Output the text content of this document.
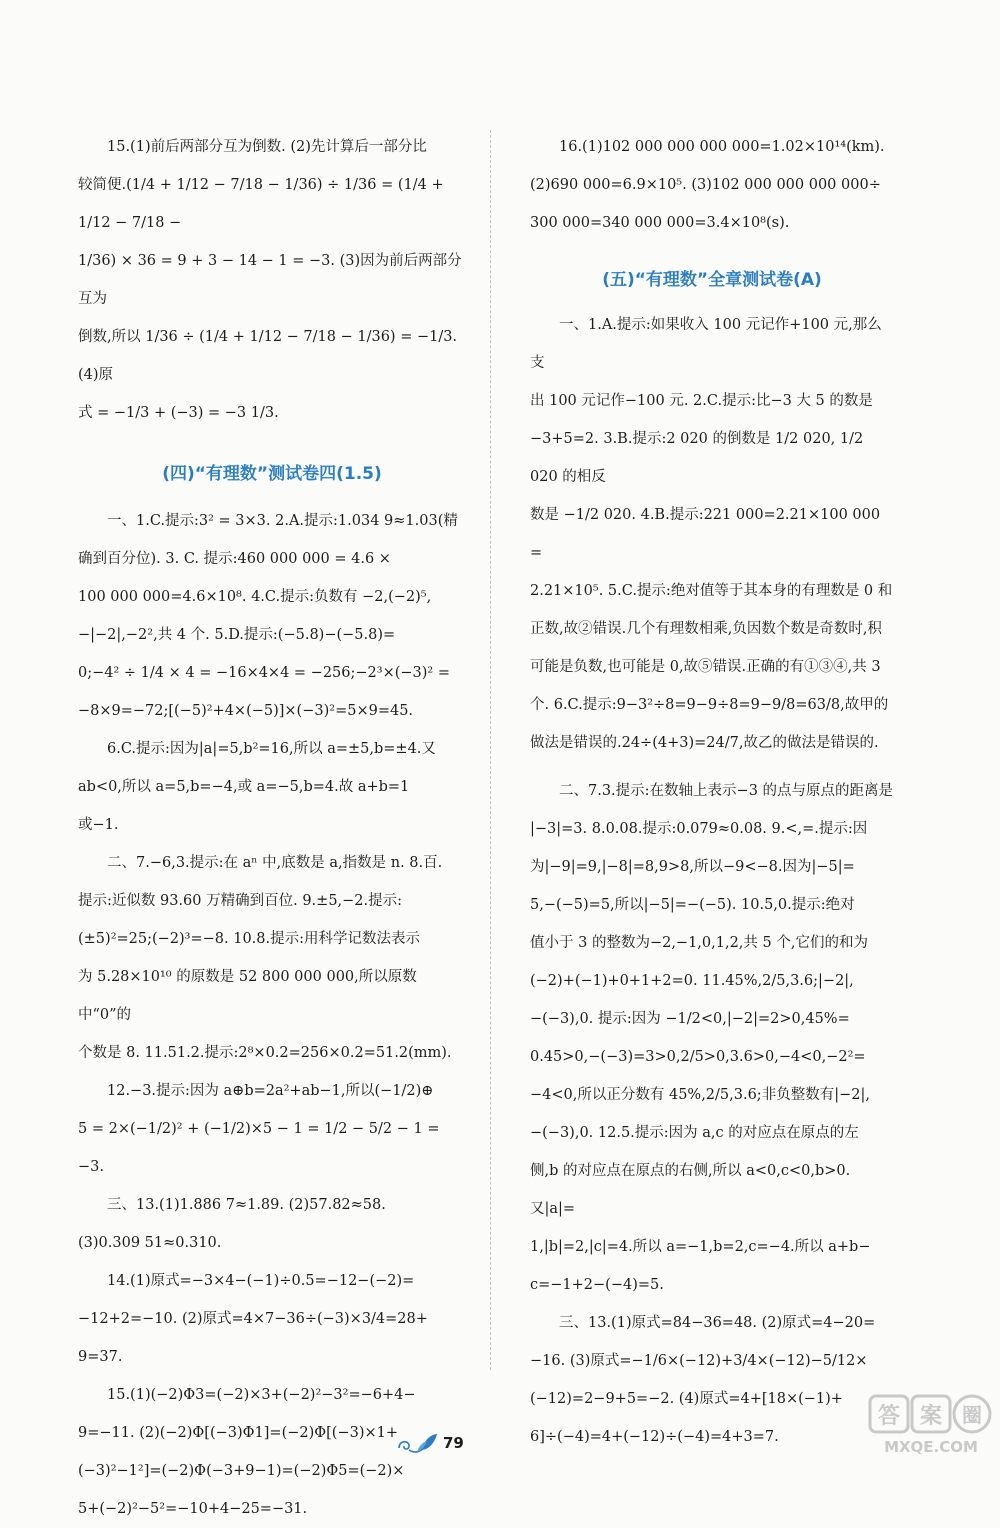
15.(1)前后两部分互为倒数. (2)先计算后一部分比

较简便.(1/4 + 1/12 − 7/18 − 1/36) ÷ 1/36 = (1/4 + 1/12 − 7/18 −

1/36) × 36 = 9 + 3 − 14 − 1 = −3. (3)因为前后两部分互为

倒数,所以 1/36 ÷ (1/4 + 1/12 − 7/18 − 1/36) = −1/3. (4)原

式 = −1/3 + (−3) = −3 1/3.

(四)“有理数”测试卷四(1.5)

一、1.C.提示:3² = 3×3. 2.A.提示:1.034 9≈1.03(精

确到百分位). 3. C. 提示:460 000 000 = 4.6 ×

100 000 000=4.6×10⁸. 4.C.提示:负数有 −2,(−2)⁵,

−|−2|,−2²,共 4 个. 5.D.提示:(−5.8)−(−5.8)=

0;−4² ÷ 1/4 × 4 = −16×4×4 = −256;−2³×(−3)² =

−8×9=−72;[(−5)²+4×(−5)]×(−3)²=5×9=45.

6.C.提示:因为|a|=5,b²=16,所以 a=±5,b=±4.又

ab<0,所以 a=5,b=−4,或 a=−5,b=4.故 a+b=1

或−1.

二、7.−6,3.提示:在 aⁿ 中,底数是 a,指数是 n. 8.百.

提示:近似数 93.60 万精确到百位. 9.±5,−2.提示:

(±5)²=25;(−2)³=−8. 10.8.提示:用科学记数法表示

为 5.28×10¹⁰ 的原数是 52 800 000 000,所以原数中“0”的

个数是 8. 11.51.2.提示:2⁸×0.2=256×0.2=51.2(mm).

12.−3.提示:因为 a⊕b=2a²+ab−1,所以(−1/2)⊕

5 = 2×(−1/2)² + (−1/2)×5 − 1 = 1/2 − 5/2 − 1 = −3.

三、13.(1)1.886 7≈1.89. (2)57.82≈58.

(3)0.309 51≈0.310.

14.(1)原式=−3×4−(−1)÷0.5=−12−(−2)=

−12+2=−10. (2)原式=4×7−36÷(−3)×3/4=28+

9=37.

15.(1)(−2)Φ3=(−2)×3+(−2)²−3²=−6+4−

9=−11. (2)(−2)Φ[(−3)Φ1]=(−2)Φ[(−3)×1+

(−3)²−1²]=(−2)Φ(−3+9−1)=(−2)Φ5=(−2)×

5+(−2)²−5²=−10+4−25=−31.

16.(1)102 000 000 000 000=1.02×10¹⁴(km).

(2)690 000=6.9×10⁵. (3)102 000 000 000 000÷

300 000=340 000 000=3.4×10⁸(s).

(五)“有理数”全章测试卷(A)

一、1.A.提示:如果收入 100 元记作+100 元,那么支

出 100 元记作−100 元. 2.C.提示:比−3 大 5 的数是

−3+5=2. 3.B.提示:2 020 的倒数是 1/2 020, 1/2 020 的相反

数是 −1/2 020. 4.B.提示:221 000=2.21×100 000 =

2.21×10⁵. 5.C.提示:绝对值等于其本身的有理数是 0 和

正数,故②错误.几个有理数相乘,负因数个数是奇数时,积

可能是负数,也可能是 0,故⑤错误.正确的有①③④,共 3

个. 6.C.提示:9−3²÷8=9−9÷8=9−9/8=63/8,故甲的

做法是错误的.24÷(4+3)=24/7,故乙的做法是错误的.

二、7.3.提示:在数轴上表示−3 的点与原点的距离是

|−3|=3. 8.0.08.提示:0.079≈0.08. 9.<,=.提示:因

为|−9|=9,|−8|=8,9>8,所以−9<−8.因为|−5|=

5,−(−5)=5,所以|−5|=−(−5). 10.5,0.提示:绝对

值小于 3 的整数为−2,−1,0,1,2,共 5 个,它们的和为

(−2)+(−1)+0+1+2=0. 11.45%,2/5,3.6;|−2|,

−(−3),0. 提示:因为 −1/2<0,|−2|=2>0,45%=

0.45>0,−(−3)=3>0,2/5>0,3.6>0,−4<0,−2²=

−4<0,所以正分数有 45%,2/5,3.6;非负整数有|−2|,

−(−3),0. 12.5.提示:因为 a,c 的对应点在原点的左

侧,b 的对应点在原点的右侧,所以 a<0,c<0,b>0.又|a|=

1,|b|=2,|c|=4.所以 a=−1,b=2,c=−4.所以 a+b−

c=−1+2−(−4)=5.

三、13.(1)原式=84−36=48. (2)原式=4−20=

−16. (3)原式=−1/6×(−12)+3/4×(−12)−5/12×

(−12)=2−9+5=−2. (4)原式=4+[18×(−1)+

6]÷(−4)=4+(−12)÷(−4)=4+3=7.

79
答 案 圈
MXQE.COM
